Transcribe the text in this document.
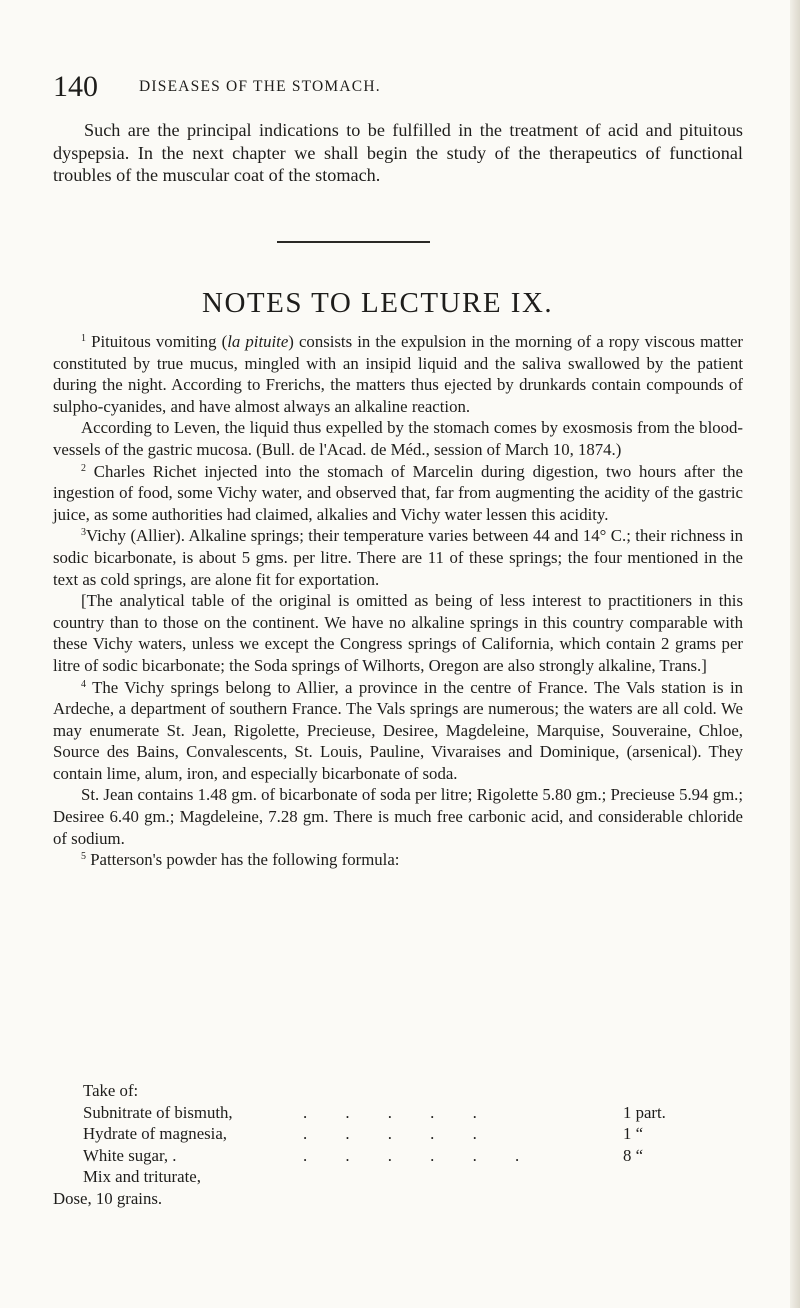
140	DISEASES OF THE STOMACH.

Such are the principal indications to be fulfilled in the treatment of acid and pituitous dyspepsia. In the next chapter we shall begin the study of the therapeutics of functional troubles of the muscular coat of the stomach.

NOTES TO LECTURE IX.

$^1$ Pituitous vomiting (la pituite) consists in the expulsion in the morning of a ropy viscous matter constituted by true mucus, mingled with an insipid liquid and the saliva swallowed by the patient during the night. According to Frerichs, the matters thus ejected by drunkards contain compounds of sulpho-cyanides, and have almost always an alkaline reaction.

According to Leven, the liquid thus expelled by the stomach comes by exosmosis from the blood-vessels of the gastric mucosa. (Bull. de l'Acad. de Méd., session of March 10, 1874.)

$^2$ Charles Richet injected into the stomach of Marcelin during digestion, two hours after the ingestion of food, some Vichy water, and observed that, far from augmenting the acidity of the gastric juice, as some authorities had claimed, alkalies and Vichy water lessen this acidity.

$^3$Vichy (Allier). Alkaline springs; their temperature varies between 44 and 14° C.; their richness in sodic bicarbonate, is about 5 gms. per litre. There are 11 of these springs; the four mentioned in the text as cold springs, are alone fit for exportation.

[The analytical table of the original is omitted as being of less interest to practitioners in this country than to those on the continent. We have no alkaline springs in this country comparable with these Vichy waters, unless we except the Congress springs of California, which contain 2 grams per litre of sodic bicarbonate; the Soda springs of Wilhorts, Oregon are also strongly alkaline, Trans.]

$^4$ The Vichy springs belong to Allier, a province in the centre of France. The Vals station is in Ardeche, a department of southern France. The Vals springs are numerous; the waters are all cold. We may enumerate St. Jean, Rigolette, Precieuse, Desiree, Magdeleine, Marquise, Souveraine, Chloe, Source des Bains, Convalescents, St. Louis, Pauline, Vivaraises and Dominique, (arsenical). They contain lime, alum, iron, and especially bicarbonate of soda.

St. Jean contains 1.48 gm. of bicarbonate of soda per litre; Rigolette 5.80 gm.; Precieuse 5.94 gm.; Desiree 6.40 gm.; Magdeleine, 7.28 gm. There is much free carbonic acid, and considerable chloride of sodium.

$^5$ Patterson's powder has the following formula:

Take of:
Subnitrate of bismuth,	. . . . .	1 part.
Hydrate of magnesia,	. . . . .	1 “
White sugar, .	. . . . . .	8 “
Mix and triturate,
Dose, 10 grains.
